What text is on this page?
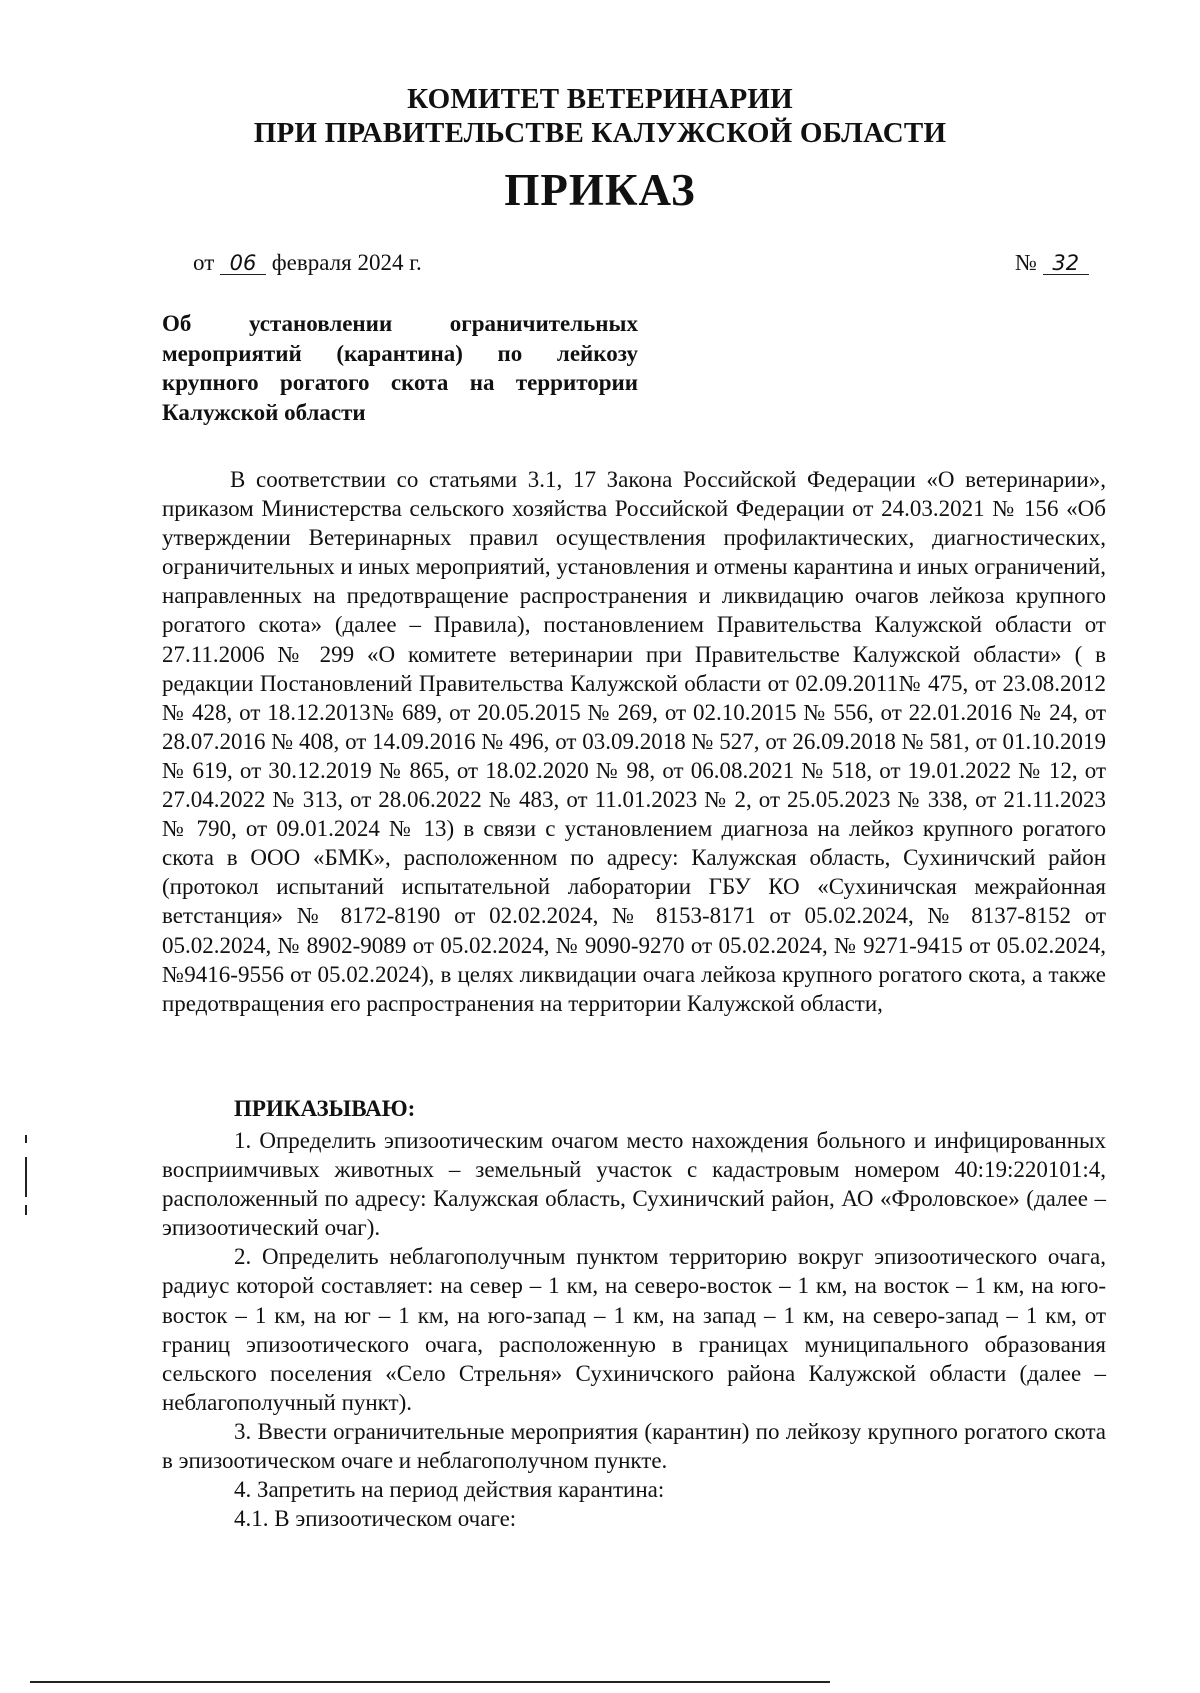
КОМИТЕТ ВЕТЕРИНАРИИ
ПРИ ПРАВИТЕЛЬСТВЕ КАЛУЖСКОЙ ОБЛАСТИ
ПРИКАЗ
от 06 февраля 2024 г.	№ 32
Об установлении ограничительных
мероприятий (карантина) по лейкозу
крупного рогатого скота на территории
Калужской области

В соответствии со статьями 3.1, 17 Закона Российской Федерации «О ветеринарии», приказом Министерства сельского хозяйства Российской Федерации от 24.03.2021 № 156 «Об утверждении Ветеринарных правил осуществления профилактических, диагностических, ограничительных и иных мероприятий, установления и отмены карантина и иных ограничений, направленных на предотвращение распространения и ликвидацию очагов лейкоза крупного рогатого скота» (далее – Правила), постановлением Правительства Калужской области от 27.11.2006 № 299 «О комитете ветеринарии при Правительстве Калужской области» ( в редакции Постановлений Правительства Калужской области от 02.09.2011№ 475, от 23.08.2012 № 428, от 18.12.2013№ 689, от 20.05.2015 № 269, от 02.10.2015 № 556, от 22.01.2016 № 24, от 28.07.2016 № 408, от 14.09.2016 № 496, от 03.09.2018 № 527, от 26.09.2018 № 581, от 01.10.2019 № 619, от 30.12.2019 № 865, от 18.02.2020 № 98, от 06.08.2021 № 518, от 19.01.2022 № 12, от 27.04.2022 № 313, от 28.06.2022 № 483, от 11.01.2023 № 2, от 25.05.2023 № 338, от 21.11.2023 № 790, от 09.01.2024 № 13) в связи с установлением диагноза на лейкоз крупного рогатого скота в ООО «БМК», расположенном по адресу: Калужская область, Сухиничский район (протокол испытаний испытательной лаборатории ГБУ КО «Сухиничская межрайонная ветстанция» № 8172-8190 от 02.02.2024, № 8153-8171 от 05.02.2024, № 8137-8152 от 05.02.2024, № 8902-9089 от 05.02.2024, № 9090-9270 от 05.02.2024, № 9271-9415 от 05.02.2024, №9416-9556 от 05.02.2024), в целях ликвидации очага лейкоза крупного рогатого скота, а также предотвращения его распространения на территории Калужской области,

ПРИКАЗЫВАЮ:

1. Определить эпизоотическим очагом место нахождения больного и инфицированных восприимчивых животных – земельный участок с кадастровым номером 40:19:220101:4, расположенный по адресу: Калужская область, Сухиничский район, АО «Фроловское» (далее – эпизоотический очаг).

2. Определить неблагополучным пунктом территорию вокруг эпизоотического очага, радиус которой составляет: на север – 1 км, на северо-восток – 1 км, на восток – 1 км, на юго-восток – 1 км, на юг – 1 км, на юго-запад – 1 км, на запад – 1 км, на северо-запад – 1 км, от границ эпизоотического очага, расположенную в границах муниципального образования сельского поселения «Село Стрельня» Сухиничского района Калужской области (далее – неблагополучный пункт).

3. Ввести ограничительные мероприятия (карантин) по лейкозу крупного рогатого скота в эпизоотическом очаге и неблагополучном пункте.

4. Запретить на период действия карантина:

4.1. В эпизоотическом очаге:
